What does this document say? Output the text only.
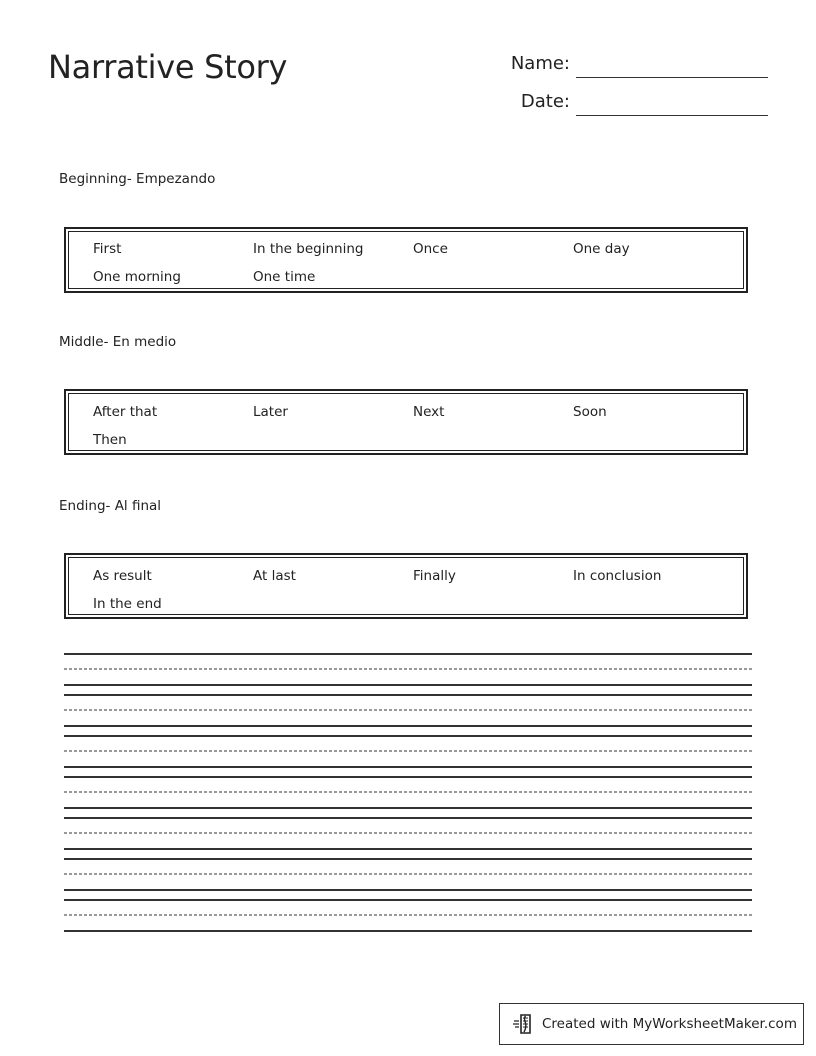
Narrative Story	Name:
Date:
Beginning- Empezando
First	In the beginning	Once	One day
One morning	One time
Middle- En medio
After that	Later	Next	Soon
Then
Ending- Al final
As result	At last	Finally	In conclusion
In the end
Created with MyWorksheetMaker.com
